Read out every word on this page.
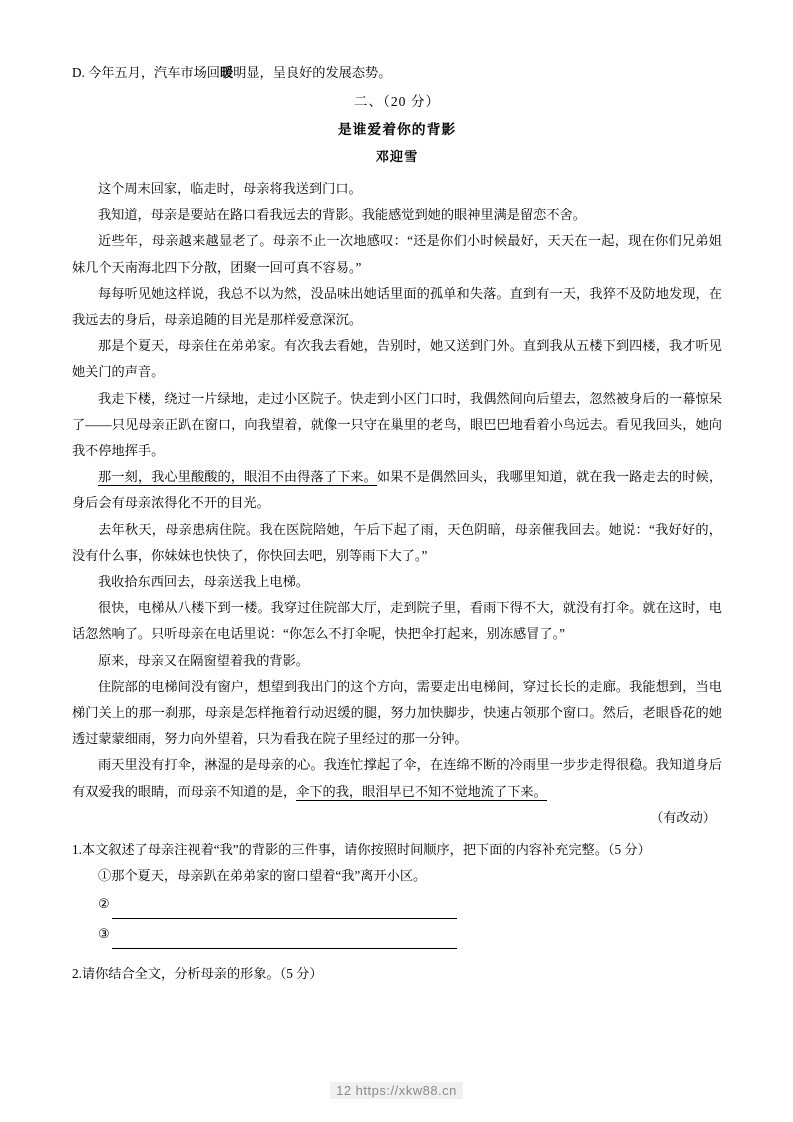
D. 今年五月，汽车市场回暖明显，呈良好的发展态势。
二、（20 分）
是谁爱着你的背影
邓迎雪

这个周末回家，临走时，母亲将我送到门口。

我知道，母亲是要站在路口看我远去的背影。我能感觉到她的眼神里满是留恋不舍。

近些年，母亲越来越显老了。母亲不止一次地感叹：“还是你们小时候最好，天天在一起，现在你们兄弟姐妹几个天南海北四下分散，团聚一回可真不容易。”

每每听见她这样说，我总不以为然，没品味出她话里面的孤单和失落。直到有一天，我猝不及防地发现，在我远去的身后，母亲追随的目光是那样爱意深沉。

那是个夏天，母亲住在弟弟家。有次我去看她，告别时，她又送到门外。直到我从五楼下到四楼，我才听见她关门的声音。

我走下楼，绕过一片绿地，走过小区院子。快走到小区门口时，我偶然间向后望去，忽然被身后的一幕惊呆了——只见母亲正趴在窗口，向我望着，就像一只守在巢里的老鸟，眼巴巴地看着小鸟远去。看见我回头，她向我不停地挥手。

那一刻，我心里酸酸的，眼泪不由得落了下来。如果不是偶然回头，我哪里知道，就在我一路走去的时候，身后会有母亲浓得化不开的目光。

去年秋天，母亲患病住院。我在医院陪她，午后下起了雨，天色阴暗，母亲催我回去。她说：“我好好的，没有什么事，你妹妹也快快了，你快回去吧，别等雨下大了。”

我收拾东西回去，母亲送我上电梯。

很快，电梯从八楼下到一楼。我穿过住院部大厅，走到院子里，看雨下得不大，就没有打伞。就在这时，电话忽然响了。只听母亲在电话里说：“你怎么不打伞呢，快把伞打起来，别冻感冒了。”

原来，母亲又在隔窗望着我的背影。

住院部的电梯间没有窗户，想望到我出门的这个方向，需要走出电梯间，穿过长长的走廊。我能想到，当电梯门关上的那一刹那，母亲是怎样拖着行动迟缓的腿，努力加快脚步，快速占领那个窗口。然后，老眼昏花的她透过蒙蒙细雨，努力向外望着，只为看我在院子里经过的那一分钟。

雨天里没有打伞，淋湿的是母亲的心。我连忙撑起了伞，在连绵不断的冷雨里一步步走得很稳。我知道身后有双爱我的眼睛，而母亲不知道的是，伞下的我，眼泪早已不知不觉地流了下来。

（有改动）
1.本文叙述了母亲注视着“我”的背影的三件事，请你按照时间顺序，把下面的内容补充完整。（5 分）
①那个夏天，母亲趴在弟弟家的窗口望着“我”离开小区。
②
③
2.请你结合全文，分析母亲的形象。（5 分）
12 https://xkw88.cn
